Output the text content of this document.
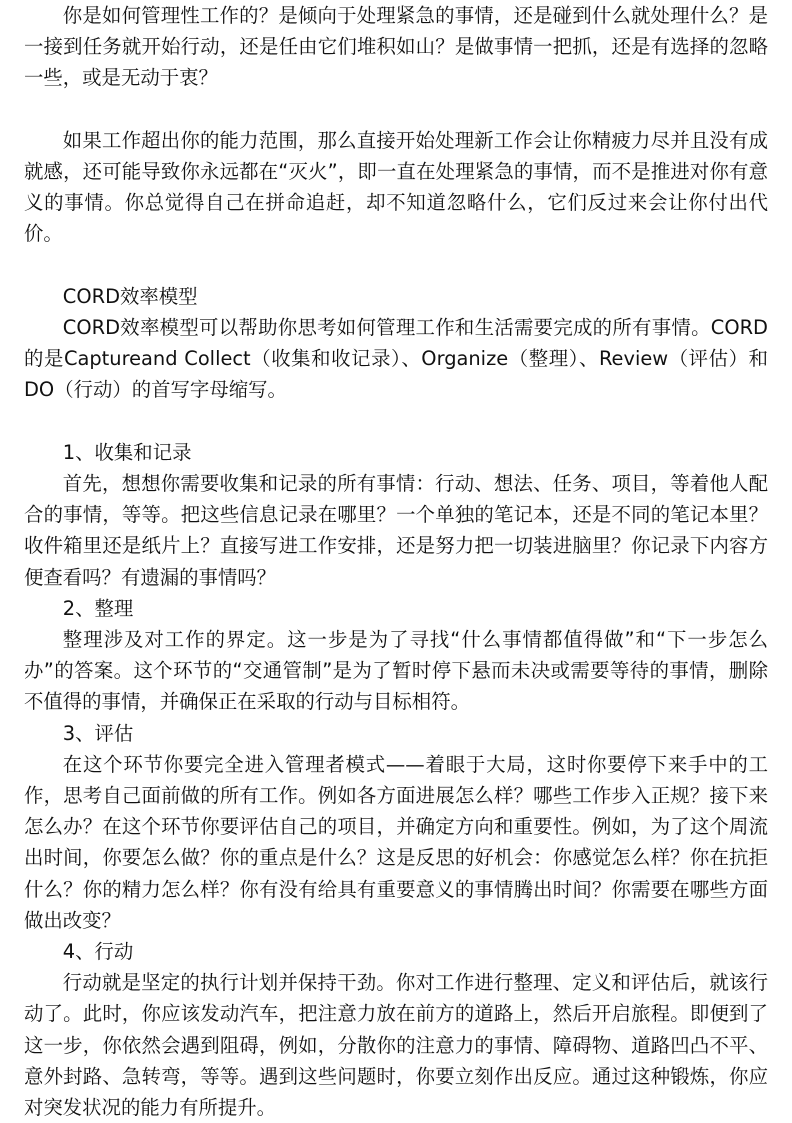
你是如何管理性工作的？是倾向于处理紧急的事情，还是碰到什么就处理什么？是一接到任务就开始行动，还是任由它们堆积如山？是做事情一把抓，还是有选择的忽略一些，或是无动于衷？

如果工作超出你的能力范围，那么直接开始处理新工作会让你精疲力尽并且没有成就感，还可能导致你永远都在“灭火”，即一直在处理紧急的事情，而不是推进对你有意义的事情。你总觉得自己在拼命追赶，却不知道忽略什么，它们反过来会让你付出代价。

CORD效率模型

CORD效率模型可以帮助你思考如何管理工作和生活需要完成的所有事情。CORD的是Captureand Collect（收集和收记录）、Organize（整理）、Review（评估）和DO（行动）的首写字母缩写。

1、收集和记录

首先，想想你需要收集和记录的所有事情：行动、想法、任务、项目，等着他人配合的事情，等等。把这些信息记录在哪里？一个单独的笔记本，还是不同的笔记本里？收件箱里还是纸片上？直接写进工作安排，还是努力把一切装进脑里？你记录下内容方便查看吗？有遗漏的事情吗？

2、整理

整理涉及对工作的界定。这一步是为了寻找“什么事情都值得做”和“下一步怎么办”的答案。这个环节的“交通管制”是为了暂时停下悬而未决或需要等待的事情，删除不值得的事情，并确保正在采取的行动与目标相符。

3、评估

在这个环节你要完全进入管理者模式——着眼于大局，这时你要停下来手中的工作，思考自己面前做的所有工作。例如各方面进展怎么样？哪些工作步入正规？接下来怎么办？在这个环节你要评估自己的项目，并确定方向和重要性。例如，为了这个周流出时间，你要怎么做？你的重点是什么？这是反思的好机会：你感觉怎么样？你在抗拒什么？你的精力怎么样？你有没有给具有重要意义的事情腾出时间？你需要在哪些方面做出改变？

4、行动

行动就是坚定的执行计划并保持干劲。你对工作进行整理、定义和评估后，就该行动了。此时，你应该发动汽车，把注意力放在前方的道路上，然后开启旅程。即便到了这一步，你依然会遇到阻碍，例如，分散你的注意力的事情、障碍物、道路凹凸不平、意外封路、急转弯，等等。遇到这些问题时，你要立刻作出反应。通过这种锻炼，你应对突发状况的能力有所提升。
